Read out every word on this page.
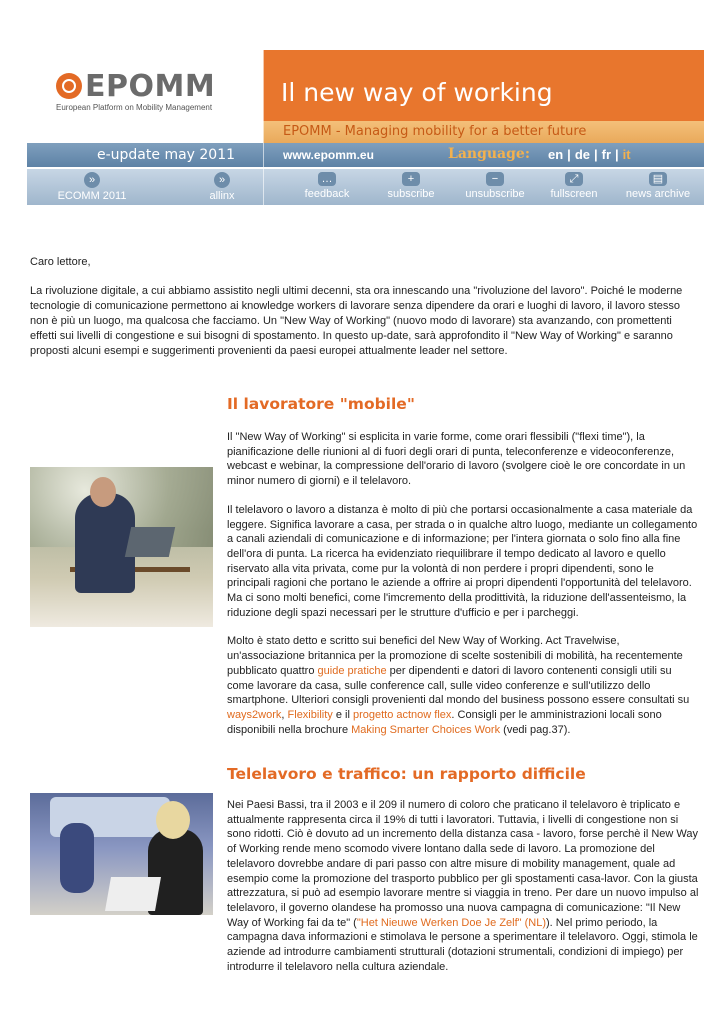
EPOMM
European Platform on Mobility Management
Il new way of working
EPOMM - Managing mobility for a better future
e-update may 2011	www.epomm.eu	Language: en | de | fr | it
»
ECOMM 2011
»
allinx
…
feedback
+
subscribe
−
unsubscribe
⤢
fullscreen
▤
news archive

Caro lettore,

La rivoluzione digitale, a cui abbiamo assistito negli ultimi decenni, sta ora innescando una "rivoluzione del lavoro". Poiché le moderne tecnologie di comunicazione permettono ai knowledge workers di lavorare senza dipendere da orari e luoghi di lavoro, il lavoro stesso non è più un luogo, ma qualcosa che facciamo. Un "New Way of Working" (nuovo modo di lavorare) sta avanzando, con promettenti effetti sui livelli di congestione e sui bisogni di spostamento. In questo up-date, sarà approfondito il "New Way of Working" e saranno proposti alcuni esempi e suggerimenti provenienti da paesi europei attualmente leader nel settore.

Il lavoratore "mobile"

Il "New Way of Working" si esplicita in varie forme, come orari flessibili ("flexi time"), la pianificazione delle riunioni al di fuori degli orari di punta, teleconferenze e videoconferenze, webcast e webinar, la compressione dell'orario di lavoro (svolgere cioè le ore concordate in un minor numero di giorni) e il telelavoro.

Il telelavoro o lavoro a distanza è molto di più che portarsi occasionalmente a casa materiale da leggere. Significa lavorare a casa, per strada o in qualche altro luogo, mediante un collegamento a canali aziendali di comunicazione e di informazione; per l'intera giornata o solo fino alla fine dell'ora di punta. La ricerca ha evidenziato riequilibrare il tempo dedicato al lavoro e quello riservato alla vita privata, come pur la volontà di non perdere i propri dipendenti, sono le principali ragioni che portano le aziende a offrire ai propri dipendenti l'opportunità del telelavoro. Ma ci sono molti benefici, come l'imcremento della prodittività, la riduzione dell'assenteismo, la riduzione degli spazi necessari per le strutture d'ufficio e per i parcheggi.

Molto è stato detto e scritto sui benefici del New Way of Working. Act Travelwise, un'associazione britannica per la promozione di scelte sostenibili di mobilità, ha recentemente pubblicato quattro guide pratiche per dipendenti e datori di lavoro contenenti consigli utili su come lavorare da casa, sulle conference call, sulle video conferenze e sull'utilizzo dello smartphone. Ulteriori consigli provenienti dal mondo del business possono essere consultati su ways2work, Flexibility e il progetto actnow flex. Consigli per le amministrazioni locali sono disponibili nella brochure Making Smarter Choices Work (vedi pag.37).

Telelavoro e traffico: un rapporto difficile

Nei Paesi Bassi, tra il 2003 e il 209 il numero di coloro che praticano il telelavoro è triplicato e attualmente rappresenta circa il 19% di tutti i lavoratori. Tuttavia, i livelli di congestione non si sono ridotti. Ciò è dovuto ad un incremento della distanza casa - lavoro, forse perchè il New Way of Working rende meno scomodo vivere lontano dalla sede di lavoro. La promozione del telelavoro dovrebbe andare di pari passo con altre misure di mobility management, quale ad esempio come la promozione del trasporto pubblico per gli spostamenti casa-lavor. Con la giusta attrezzatura, si può ad esempio lavorare mentre si viaggia in treno. Per dare un nuovo impulso al telelavoro, il governo olandese ha promosso una nuova campagna di comunicazione: "Il New Way of Working fai da te" ("Het Nieuwe Werken Doe Je Zelf" (NL)). Nel primo periodo, la campagna dava informazioni e stimolava le persone a sperimentare il telelavoro. Oggi, stimola le aziende ad introdurre cambiamenti strutturali (dotazioni strumentali, condizioni di impiego) per introdurre il telelavoro nella cultura aziendale.
